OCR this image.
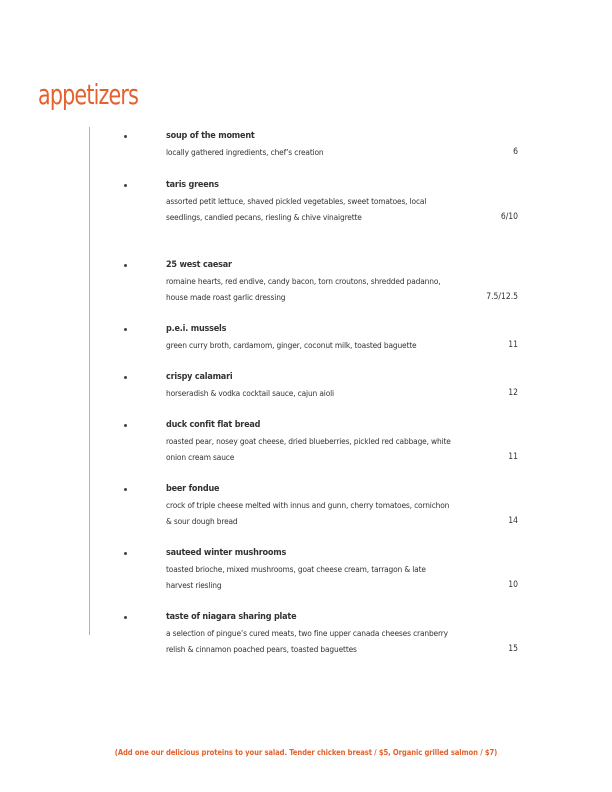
appetizers
soup of the moment
locally gathered ingredients, chef’s creation	6
taris greens
assorted petit lettuce, shaved pickled vegetables, sweet tomatoes, local
seedlings, candied pecans, riesling & chive vinaigrette	6/10
25 west caesar
romaine hearts, red endive, candy bacon, torn croutons, shredded padanno,
house made roast garlic dressing	7.5/12.5
p.e.i. mussels
green curry broth, cardamom, ginger, coconut milk, toasted baguette	11
crispy calamari
horseradish & vodka cocktail sauce, cajun aioli	12
duck confit flat bread
roasted pear, nosey goat cheese, dried blueberries, pickled red cabbage, white
onion cream sauce	11
beer fondue
crock of triple cheese melted with innus and gunn, cherry tomatoes, cornichon
& sour dough bread	14
sauteed winter mushrooms
toasted brioche, mixed mushrooms, goat cheese cream, tarragon & late
harvest riesling	10
taste of niagara sharing plate
a selection of pingue’s cured meats, two fine upper canada cheeses cranberry
relish & cinnamon poached pears, toasted baguettes	15
(Add one our delicious proteins to your salad. Tender chicken breast / $5, Organic grilled salmon / $7)
